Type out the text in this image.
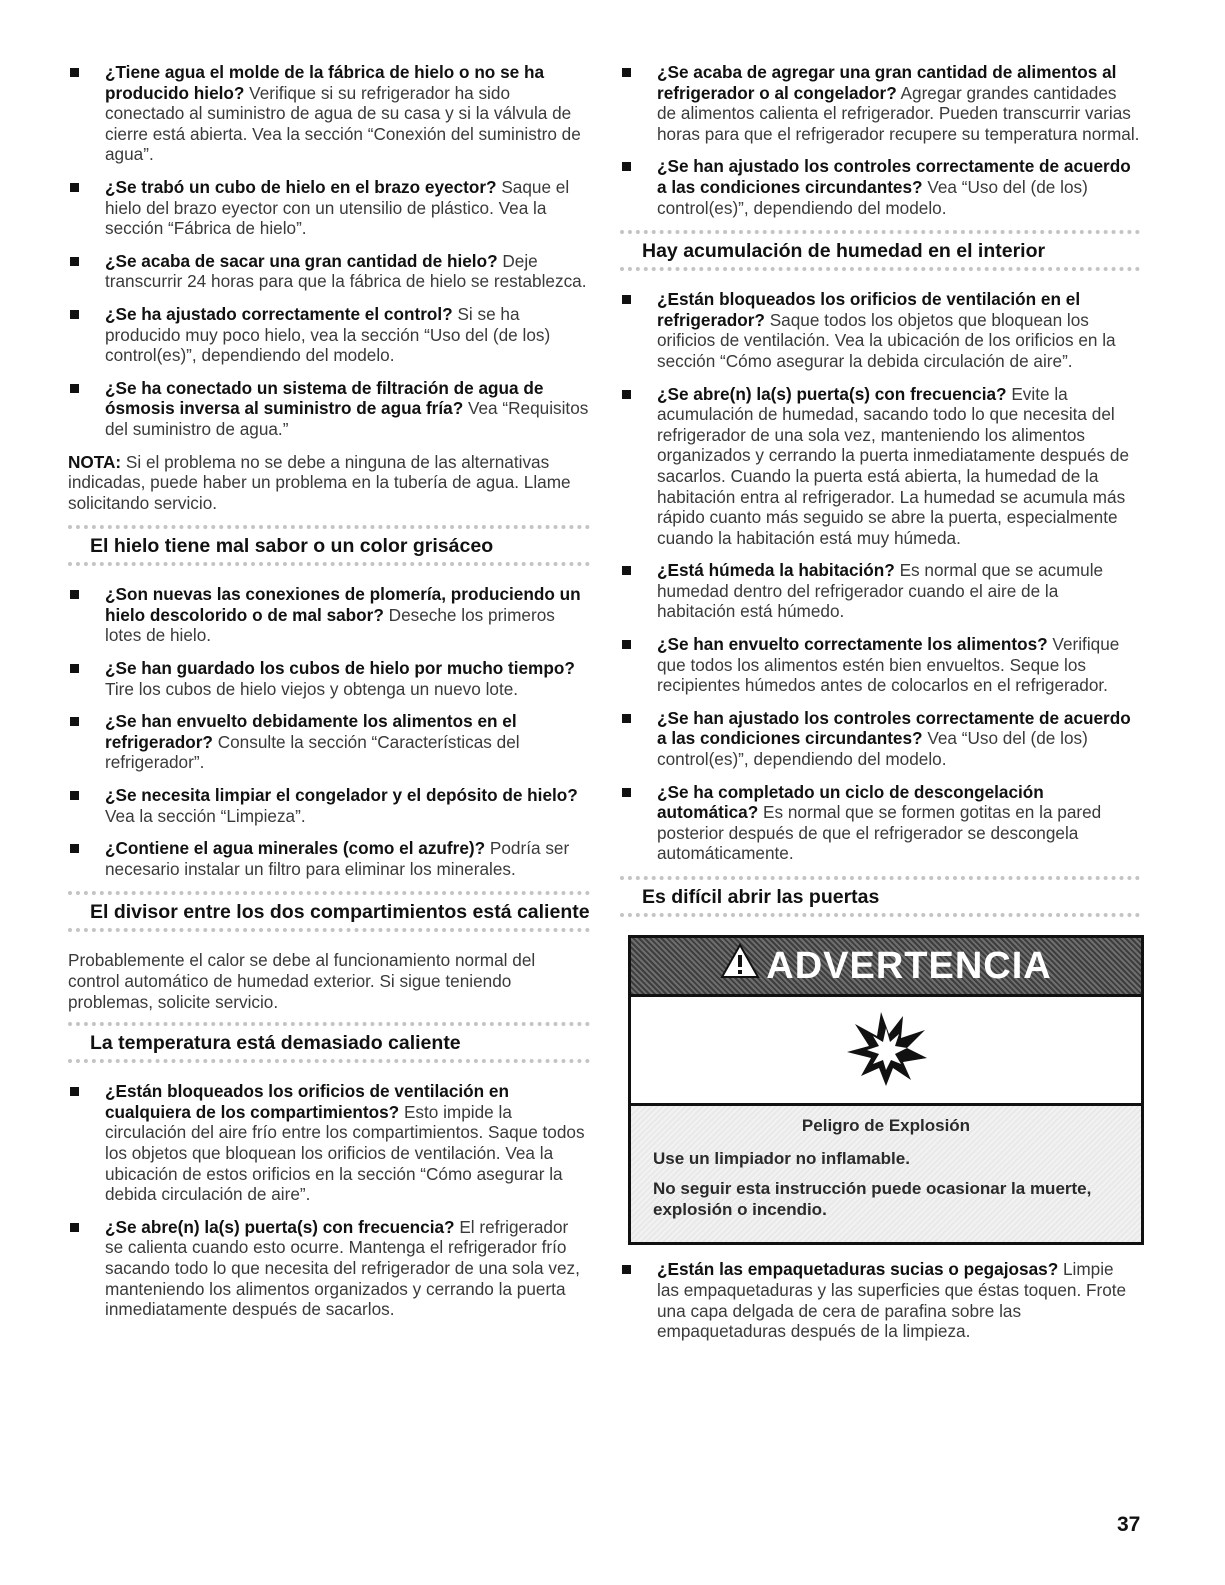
¿Tiene agua el molde de la fábrica de hielo o no se ha producido hielo? Verifique si su refrigerador ha sido conectado al suministro de agua de su casa y si la válvula de cierre está abierta. Vea la sección “Conexión del suministro de agua”.
¿Se trabó un cubo de hielo en el brazo eyector? Saque el hielo del brazo eyector con un utensilio de plástico. Vea la sección “Fábrica de hielo”.
¿Se acaba de sacar una gran cantidad de hielo? Deje transcurrir 24 horas para que la fábrica de hielo se restablezca.
¿Se ha ajustado correctamente el control? Si se ha producido muy poco hielo, vea la sección “Uso del (de los) control(es)”, dependiendo del modelo.
¿Se ha conectado un sistema de filtración de agua de ósmosis inversa al suministro de agua fría? Vea “Requisitos del suministro de agua.”
NOTA: Si el problema no se debe a ninguna de las alternativas indicadas, puede haber un problema en la tubería de agua. Llame solicitando servicio.
El hielo tiene mal sabor o un color grisáceo
¿Son nuevas las conexiones de plomería, produciendo un hielo descolorido o de mal sabor? Deseche los primeros lotes de hielo.
¿Se han guardado los cubos de hielo por mucho tiempo? Tire los cubos de hielo viejos y obtenga un nuevo lote.
¿Se han envuelto debidamente los alimentos en el refrigerador? Consulte la sección “Características del refrigerador”.
¿Se necesita limpiar el congelador y el depósito de hielo? Vea la sección “Limpieza”.
¿Contiene el agua minerales (como el azufre)? Podría ser necesario instalar un filtro para eliminar los minerales.
El divisor entre los dos compartimientos está caliente
Probablemente el calor se debe al funcionamiento normal del control automático de humedad exterior. Si sigue teniendo problemas, solicite servicio.
La temperatura está demasiado caliente
¿Están bloqueados los orificios de ventilación en cualquiera de los compartimientos? Esto impide la circulación del aire frío entre los compartimientos. Saque todos los objetos que bloquean los orificios de ventilación. Vea la ubicación de estos orificios en la sección “Cómo asegurar la debida circulación de aire”.
¿Se abre(n) la(s) puerta(s) con frecuencia? El refrigerador se calienta cuando esto ocurre. Mantenga el refrigerador frío sacando todo lo que necesita del refrigerador de una sola vez, manteniendo los alimentos organizados y cerrando la puerta inmediatamente después de sacarlos.
¿Se acaba de agregar una gran cantidad de alimentos al refrigerador o al congelador? Agregar grandes cantidades de alimentos calienta el refrigerador. Pueden transcurrir varias horas para que el refrigerador recupere su temperatura normal.
¿Se han ajustado los controles correctamente de acuerdo a las condiciones circundantes? Vea “Uso del (de los) control(es)”, dependiendo del modelo.
Hay acumulación de humedad en el interior
¿Están bloqueados los orificios de ventilación en el refrigerador? Saque todos los objetos que bloquean los orificios de ventilación. Vea la ubicación de los orificios en la sección “Cómo asegurar la debida circulación de aire”.
¿Se abre(n) la(s) puerta(s) con frecuencia? Evite la acumulación de humedad, sacando todo lo que necesita del refrigerador de una sola vez, manteniendo los alimentos organizados y cerrando la puerta inmediatamente después de sacarlos. Cuando la puerta está abierta, la humedad de la habitación entra al refrigerador. La humedad se acumula más rápido cuanto más seguido se abre la puerta, especialmente cuando la habitación está muy húmeda.
¿Está húmeda la habitación? Es normal que se acumule humedad dentro del refrigerador cuando el aire de la habitación está húmedo.
¿Se han envuelto correctamente los alimentos? Verifique que todos los alimentos estén bien envueltos. Seque los recipientes húmedos antes de colocarlos en el refrigerador.
¿Se han ajustado los controles correctamente de acuerdo a las condiciones circundantes? Vea “Uso del (de los) control(es)”, dependiendo del modelo.
¿Se ha completado un ciclo de descongelación automática? Es normal que se formen gotitas en la pared posterior después de que el refrigerador se descongela automáticamente.
Es difícil abrir las puertas
ADVERTENCIA
Peligro de Explosión

Use un limpiador no inflamable.

No seguir esta instrucción puede ocasionar la muerte, explosión o incendio.

¿Están las empaquetaduras sucias o pegajosas? Limpie las empaquetaduras y las superficies que éstas toquen. Frote una capa delgada de cera de parafina sobre las empaquetaduras después de la limpieza.
37
